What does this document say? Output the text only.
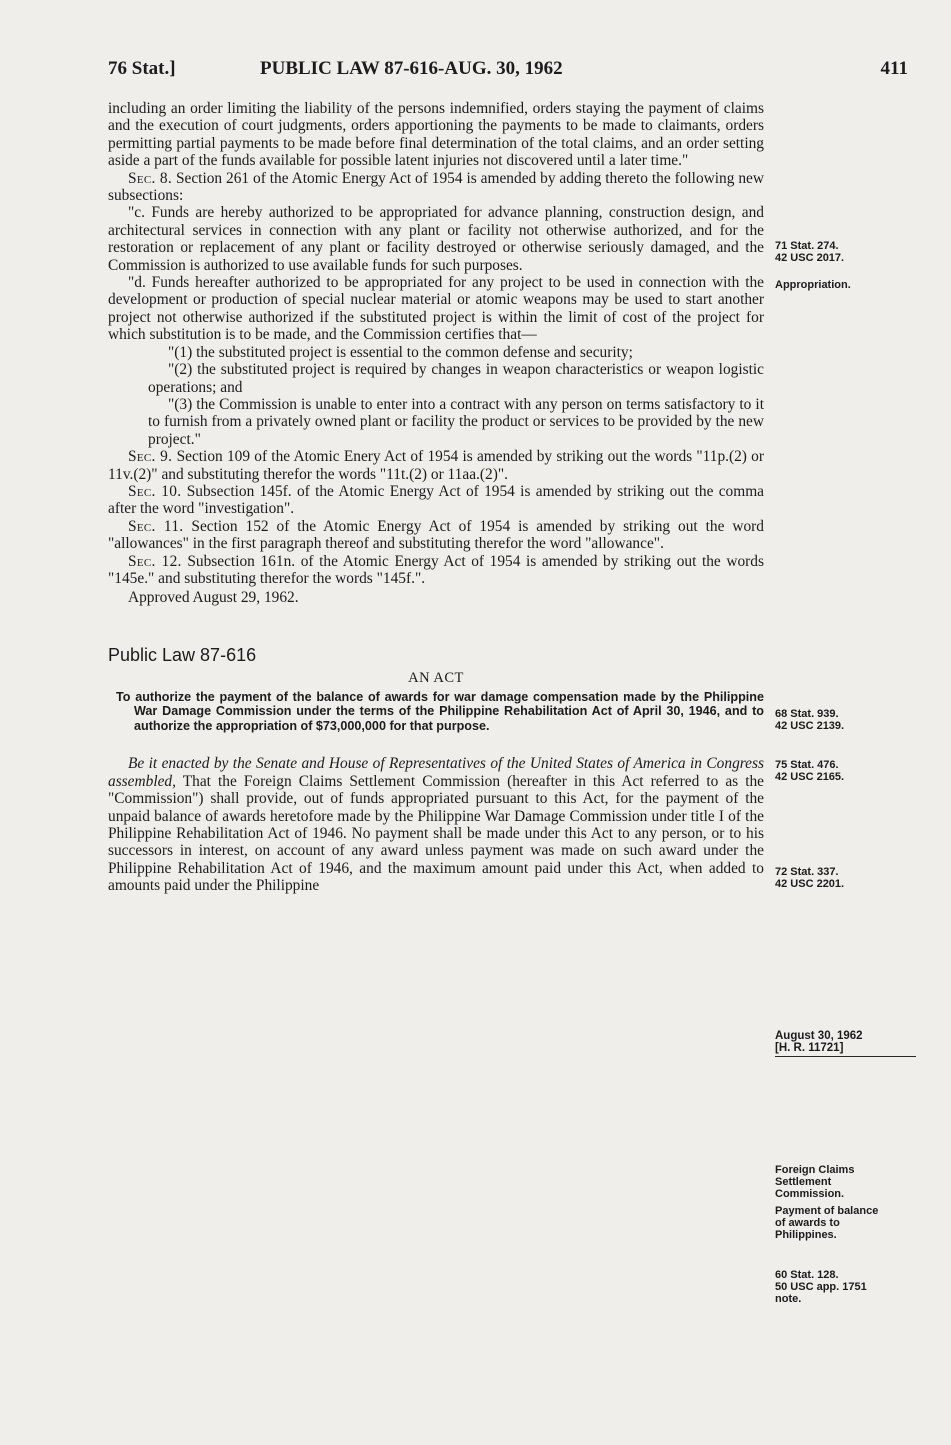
76 Stat.]	PUBLIC LAW 87-616-AUG. 30, 1962	411

including an order limiting the liability of the persons indemnified, orders staying the payment of claims and the execution of court judgments, orders apportioning the payments to be made to claimants, orders permitting partial payments to be made before final determination of the total claims, and an order setting aside a part of the funds available for possible latent injuries not discovered until a later time."

Sec. 8. Section 261 of the Atomic Energy Act of 1954 is amended by adding thereto the following new subsections:

"c. Funds are hereby authorized to be appropriated for advance planning, construction design, and architectural services in connection with any plant or facility not otherwise authorized, and for the restoration or replacement of any plant or facility destroyed or otherwise seriously damaged, and the Commission is authorized to use available funds for such purposes.

"d. Funds hereafter authorized to be appropriated for any project to be used in connection with the development or production of special nuclear material or atomic weapons may be used to start another project not otherwise authorized if the substituted project is within the limit of cost of the project for which substitution is to be made, and the Commission certifies that—

"(1) the substituted project is essential to the common defense and security;

"(2) the substituted project is required by changes in weapon characteristics or weapon logistic operations; and

"(3) the Commission is unable to enter into a contract with any person on terms satisfactory to it to furnish from a privately owned plant or facility the product or services to be provided by the new project."

Sec. 9. Section 109 of the Atomic Enery Act of 1954 is amended by striking out the words "11p.(2) or 11v.(2)" and substituting therefor the words "11t.(2) or 11aa.(2)".

Sec. 10. Subsection 145f. of the Atomic Energy Act of 1954 is amended by striking out the comma after the word "investigation".

Sec. 11. Section 152 of the Atomic Energy Act of 1954 is amended by striking out the word "allowances" in the first paragraph thereof and substituting therefor the word "allowance".

Sec. 12. Subsection 161n. of the Atomic Energy Act of 1954 is amended by striking out the words "145e." and substituting therefor the words "145f.".

Approved August 29, 1962.

Public Law 87-616

AN ACT

To authorize the payment of the balance of awards for war damage compensation made by the Philippine War Damage Commission under the terms of the Philippine Rehabilitation Act of April 30, 1946, and to authorize the appropriation of $73,000,000 for that purpose.

Be it enacted by the Senate and House of Representatives of the United States of America in Congress assembled, That the Foreign Claims Settlement Commission (hereafter in this Act referred to as the "Commission") shall provide, out of funds appropriated pursuant to this Act, for the payment of the unpaid balance of awards heretofore made by the Philippine War Damage Commission under title I of the Philippine Rehabilitation Act of 1946. No payment shall be made under this Act to any person, or to his successors in interest, on account of any award unless payment was made on such award under the Philippine Rehabilitation Act of 1946, and the maximum amount paid under this Act, when added to amounts paid under the Philippine

71 Stat. 274.
42 USC 2017.
Appropriation.
68 Stat. 939.
42 USC 2139.
75 Stat. 476.
42 USC 2165.
72 Stat. 337.
42 USC 2201.
August 30, 1962
[H. R. 11721]
Foreign Claims Settlement Commission.
Payment of balance of awards to Philippines.
60 Stat. 128.
50 USC app. 1751 note.
